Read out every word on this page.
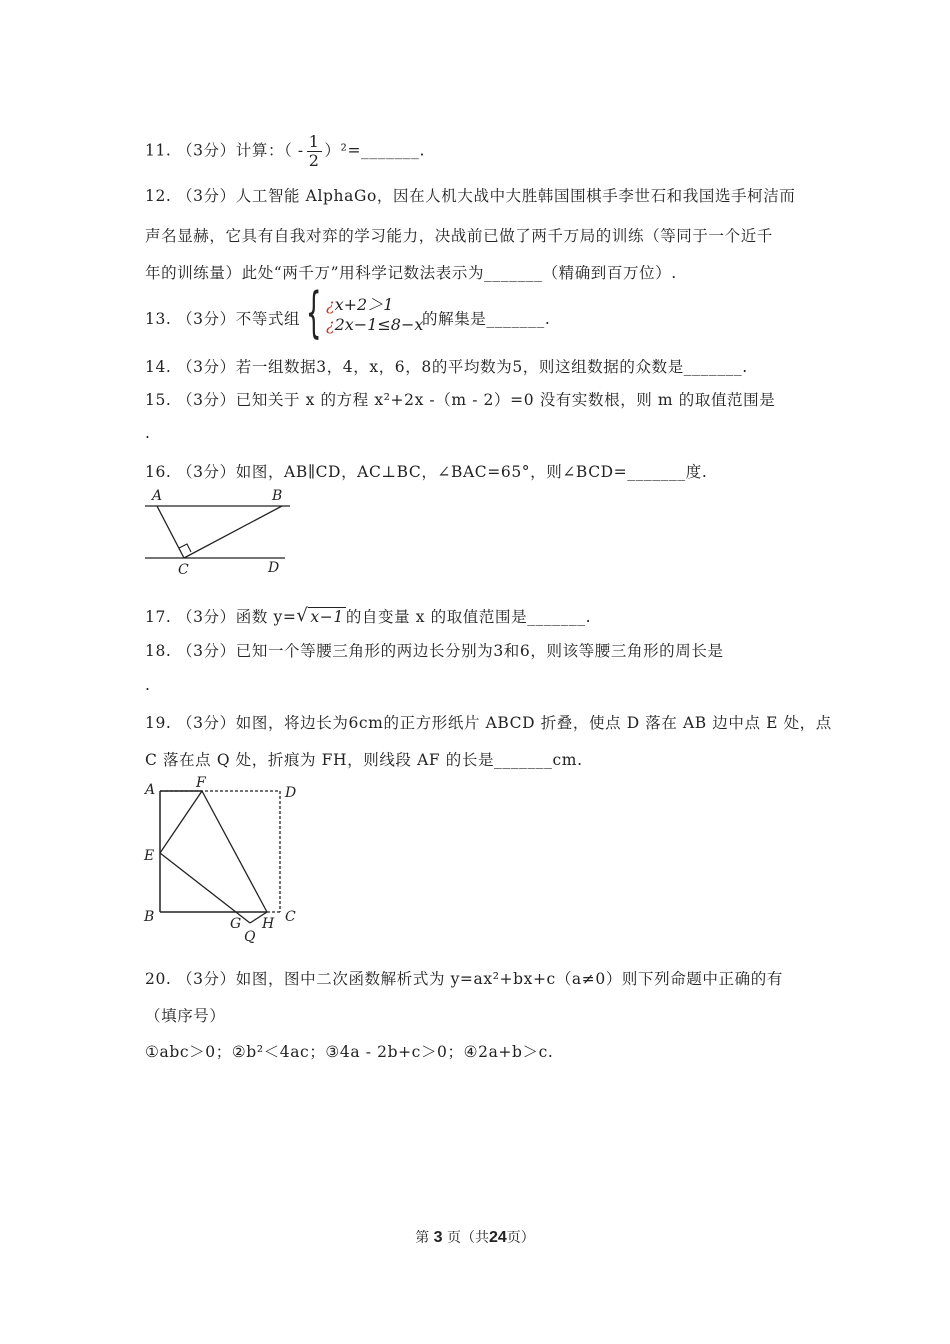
11. （3分）计算：（ - $\frac{1}{2}$ ）²=_______.
12. （3分）人工智能 AlphaGo，因在人机大战中大胜韩国围棋手李世石和我国选手柯洁而
声名显赫，它具有自我对弈的学习能力，决战前已做了两千万局的训练（等同于一个近千
年的训练量）此处“两千万”用科学记数法表示为_______（精确到百万位）.
13. （3分）不等式组 { ¿x+2＞1
¿2x−1≤8−x
的解集是_______.
14. （3分）若一组数据3，4，x，6，8的平均数为5，则这组数据的众数是_______.
15. （3分）已知关于 x 的方程 x²+2x -（m - 2）=0 没有实数根，则 m 的取值范围是
.
16. （3分）如图，AB∥CD，AC⊥BC，∠BAC=65°，则∠BCD=_______度.
A	B
C	D
17. （3分）函数 y=√ x−1 的自变量 x 的取值范围是_______.
18. （3分）已知一个等腰三角形的两边长分别为3和6，则该等腰三角形的周长是
.
19. （3分）如图，将边长为6cm的正方形纸片 ABCD 折叠，使点 D 落在 AB 边中点 E 处，点
C 落在点 Q 处，折痕为 FH，则线段 AF 的长是_______cm.
A	F
D
E
B	G H
Q
C
20. （3分）如图，图中二次函数解析式为 y=ax²+bx+c（a≠0）则下列命题中正确的有
（填序号）
①abc＞0；②b²＜4ac；③4a - 2b+c＞0；④2a+b＞c.
第 3 页（共24页）
